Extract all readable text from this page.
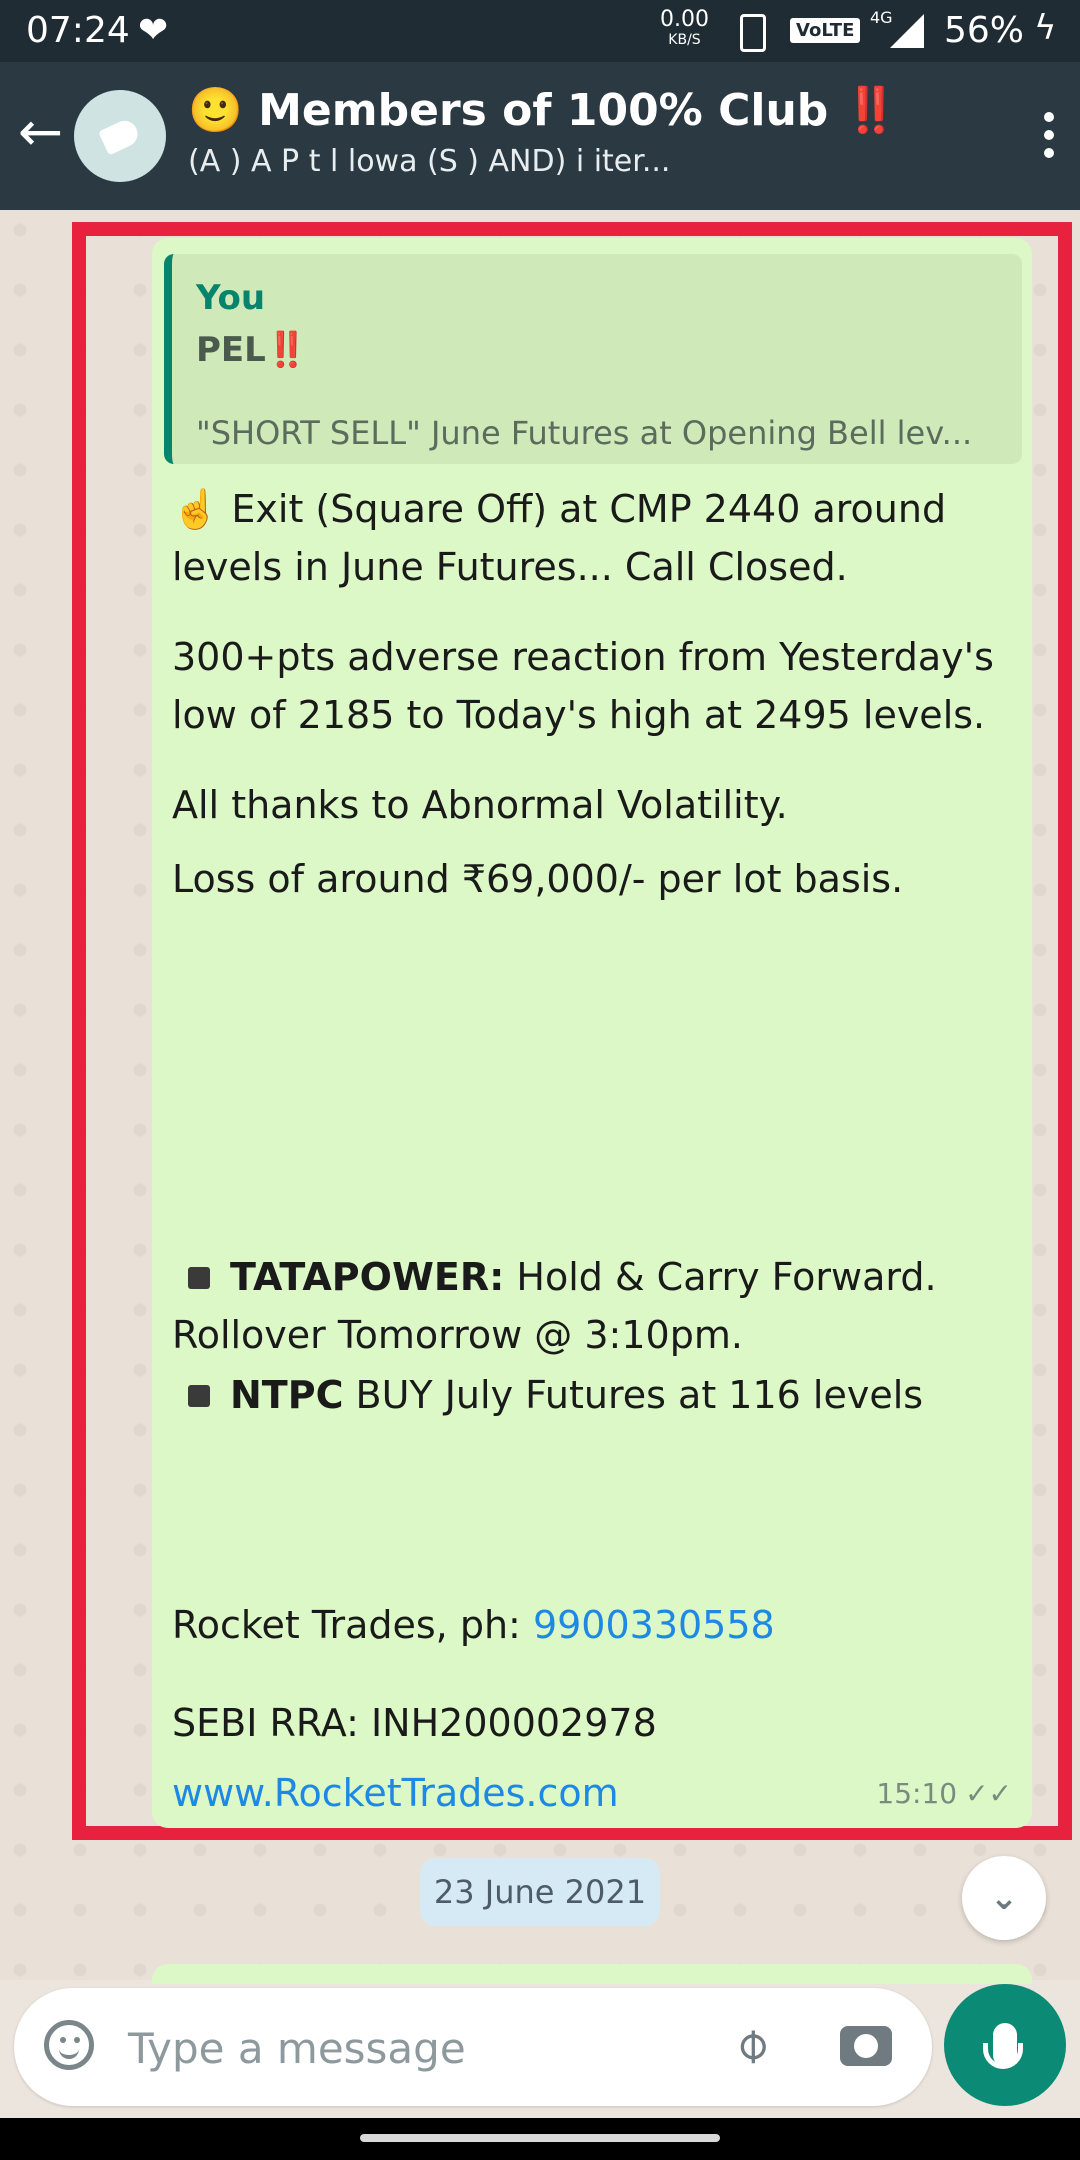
07:24 ❤	0.00
KB/S	VoLTE
4G 56% ϟ
←	🙂 Members of 100% Club ‼️
(A ) A P t l lowa (S ) AND) i iter...
You
PEL‼️
"SHORT SELL" June Futures at Opening Bell lev...
☝️ Exit (Square Off) at CMP 2440 around levels in June Futures... Call Closed.
300+pts adverse reaction from Yesterday's low of 2185 to Today's high at 2495 levels.
All thanks to Abnormal Volatility.
Loss of around ₹69,000/- per lot basis.
TATAPOWER: Hold & Carry Forward. Rollover Tomorrow @ 3:10pm.
NTPC BUY July Futures at 116 levels
Rocket Trades, ph: 9900330558
SEBI RRA: INH200002978
www.RocketTrades.com	15:10 ✓✓
23 June 2021	⌄
Type a message	⌀
